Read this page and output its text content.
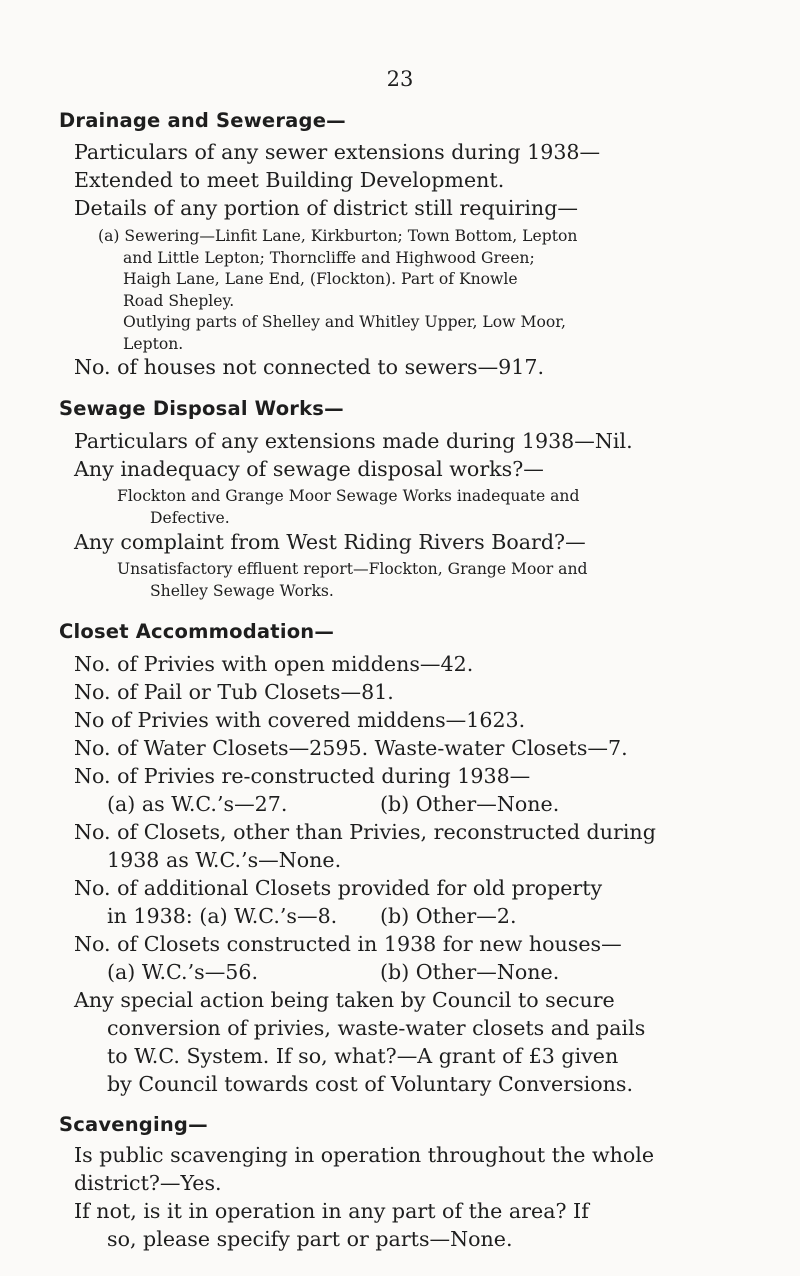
23
Drainage and Sewerage—
Particulars of any sewer extensions during 1938—
Extended to meet Building Development.
Details of any portion of district still requiring—
(a) Sewering—Linfit Lane, Kirkburton; Town Bottom, Lepton
and Little Lepton; Thorncliffe and Highwood Green;
Haigh Lane, Lane End, (Flockton). Part of Knowle
Road Shepley.
Outlying parts of Shelley and Whitley Upper, Low Moor,
Lepton.
No. of houses not connected to sewers—917.
Sewage Disposal Works—
Particulars of any extensions made during 1938—Nil.
Any inadequacy of sewage disposal works?—
Flockton and Grange Moor Sewage Works inadequate and
Defective.
Any complaint from West Riding Rivers Board?—
Unsatisfactory effluent report—Flockton, Grange Moor and
Shelley Sewage Works.
Closet Accommodation—
No. of Privies with open middens—42.
No. of Pail or Tub Closets—81.
No of Privies with covered middens—1623.
No. of Water Closets—2595. Waste-water Closets—7.
No. of Privies re-constructed during 1938—
(a) as W.C.’s—27.	(b) Other—None.
No. of Closets, other than Privies, reconstructed during
1938 as W.C.’s—None.
No. of additional Closets provided for old property
in 1938: (a) W.C.’s—8. (b) Other—2.
No. of Closets constructed in 1938 for new houses—
(a) W.C.’s—56.	(b) Other—None.
Any special action being taken by Council to secure
conversion of privies, waste-water closets and pails
to W.C. System. If so, what?—A grant of £3 given
by Council towards cost of Voluntary Conversions.
Scavenging—
Is public scavenging in operation throughout the whole
district?—Yes.
If not, is it in operation in any part of the area? If
so, please specify part or parts—None.
